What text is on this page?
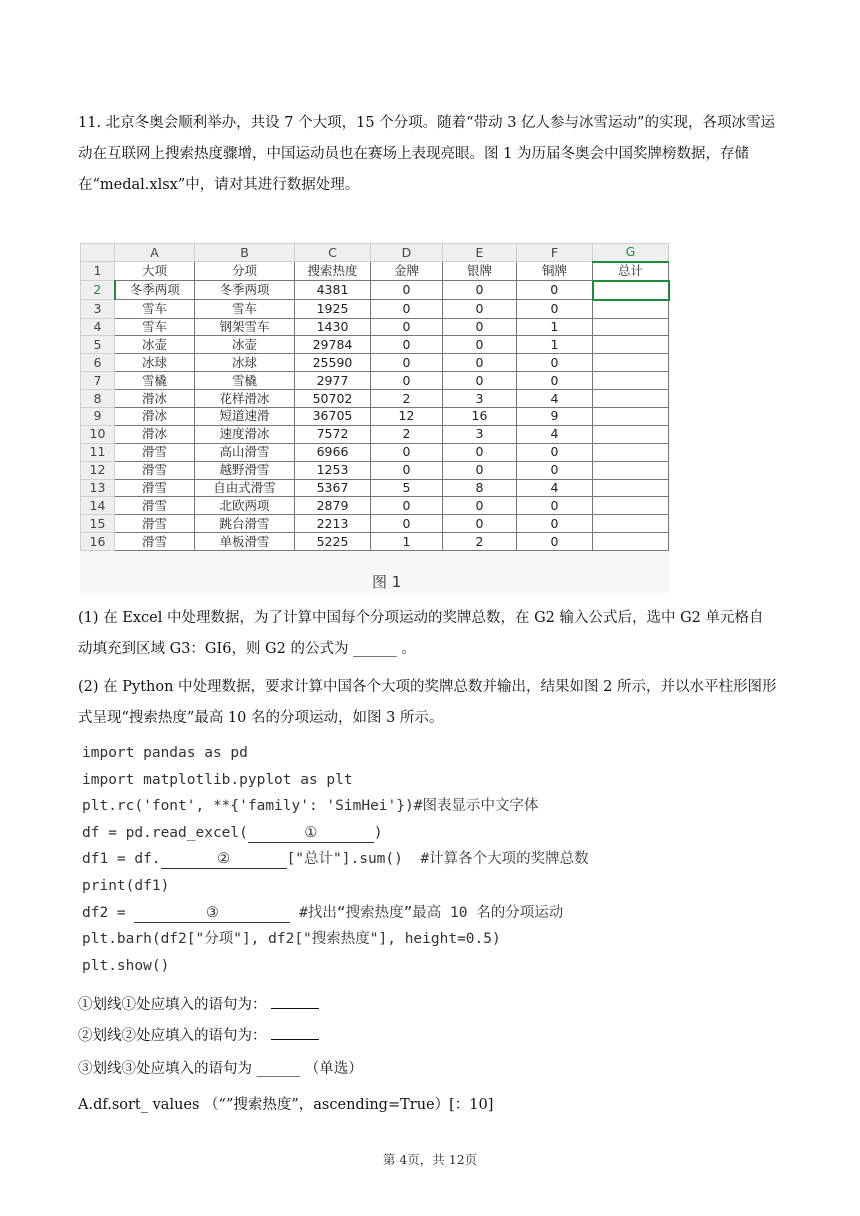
11. 北京冬奥会顺利举办，共设 7 个大项，15 个分项。随着“带动 3 亿人参与冰雪运动”的实现，各项冰雪运动在互联网上搜索热度骤增，中国运动员也在赛场上表现亮眼。图 1 为历届冬奥会中国奖牌榜数据，存储在“medal.xlsx”中，请对其进行数据处理。

	A	B	C	D	E	F	G
1	大项	分项	搜索热度	金牌	银牌	铜牌	总计
2	冬季两项	冬季两项	4381	0	0	0	
3	雪车	雪车	1925	0	0	0	
4	雪车	钢架雪车	1430	0	0	1	
5	冰壶	冰壶	29784	0	0	1	
6	冰球	冰球	25590	0	0	0	
7	雪橇	雪橇	2977	0	0	0	
8	滑冰	花样滑冰	50702	2	3	4	
9	滑冰	短道速滑	36705	12	16	9	
10	滑冰	速度滑冰	7572	2	3	4	
11	滑雪	高山滑雪	6966	0	0	0	
12	滑雪	越野滑雪	1253	0	0	0	
13	滑雪	自由式滑雪	5367	5	8	4	
14	滑雪	北欧两项	2879	0	0	0	
15	滑雪	跳台滑雪	2213	0	0	0	
16	滑雪	单板滑雪	5225	1	2	0	
图 1

(1) 在 Excel 中处理数据，为了计算中国每个分项运动的奖牌总数，在 G2 输入公式后，选中 G2 单元格自动填充到区域 G3：GI6，则 G2 的公式为 ______ 。

(2) 在 Python 中处理数据，要求计算中国各个大项的奖牌总数并输出，结果如图 2 所示，并以水平柱形图形式呈现“搜索热度”最高 10 名的分项运动，如图 3 所示。

import pandas as pd
import matplotlib.pyplot as plt
plt.rc('font', **{'family': 'SimHei'})#图表显示中文字体
df = pd.read_excel(	①	)
df1 = df.	②	["总计"].sum()  #计算各个大项的奖牌总数
print(df1)
df2 =	③	#找出“搜索热度”最高 10 名的分项运动
plt.barh(df2["分项"], df2["搜索热度"], height=0.5)
plt.show()

①划线①处应填入的语句为：

②划线②处应填入的语句为：

③划线③处应填入的语句为 ______ （单选）

A.df.sort_ values （“”搜索热度”，ascending=True）[：10]

第 4页，共 12页
